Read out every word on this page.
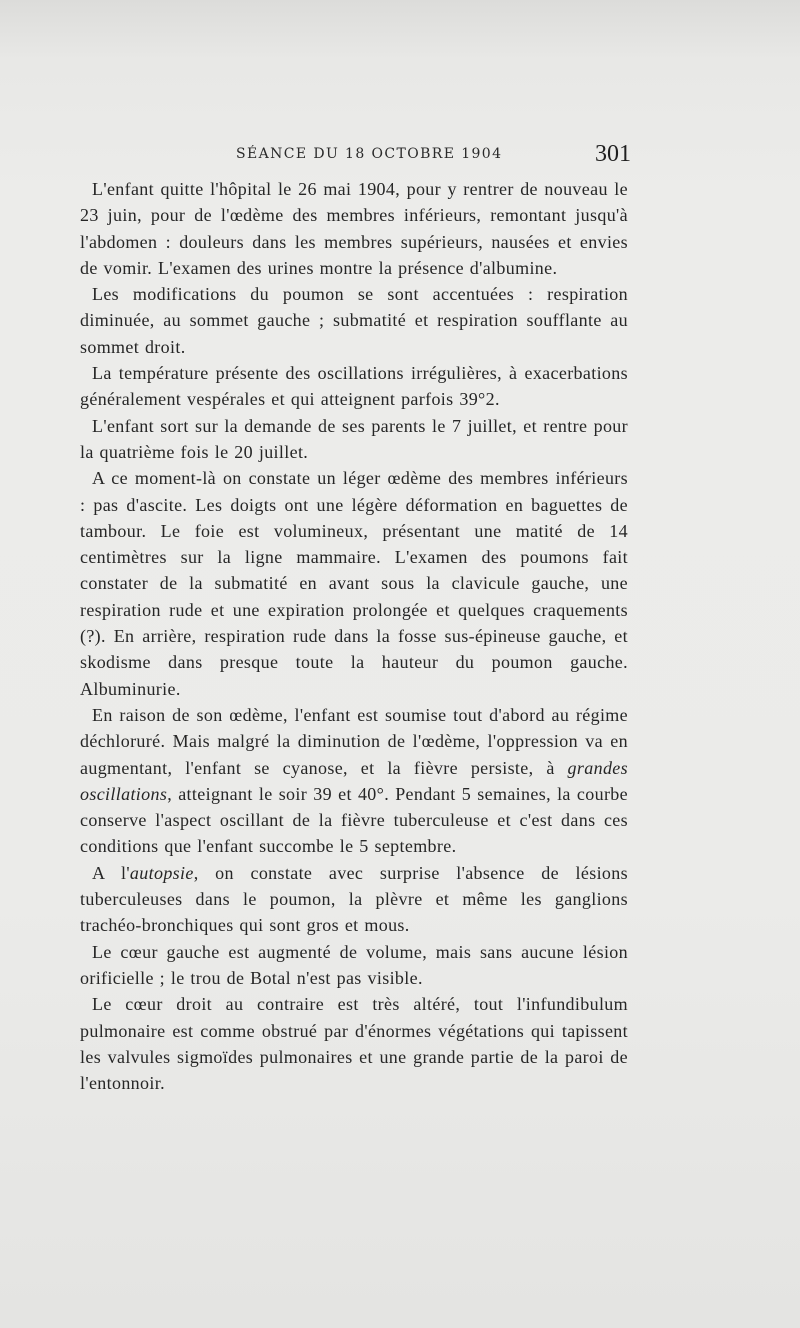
SÉANCE DU 18 OCTOBRE 1904	301

L'enfant quitte l'hôpital le 26 mai 1904, pour y rentrer de nouveau le 23 juin, pour de l'œdème des membres inférieurs, remontant jusqu'à l'abdomen : douleurs dans les membres supérieurs, nausées et envies de vomir. L'examen des urines montre la présence d'albumine.

Les modifications du poumon se sont accentuées : respiration diminuée, au sommet gauche ; submatité et respiration soufflante au sommet droit.

La température présente des oscillations irrégulières, à exacerbations généralement vespérales et qui atteignent parfois 39°2.

L'enfant sort sur la demande de ses parents le 7 juillet, et rentre pour la quatrième fois le 20 juillet.

A ce moment-là on constate un léger œdème des membres inférieurs : pas d'ascite. Les doigts ont une légère déformation en baguettes de tambour. Le foie est volumineux, présentant une matité de 14 centimètres sur la ligne mammaire. L'examen des poumons fait constater de la submatité en avant sous la clavicule gauche, une respiration rude et une expiration prolongée et quelques craquements (?). En arrière, respiration rude dans la fosse sus-épineuse gauche, et skodisme dans presque toute la hauteur du poumon gauche. Albuminurie.

En raison de son œdème, l'enfant est soumise tout d'abord au régime déchloruré. Mais malgré la diminution de l'œdème, l'oppression va en augmentant, l'enfant se cyanose, et la fièvre persiste, à grandes oscillations, atteignant le soir 39 et 40°. Pendant 5 semaines, la courbe conserve l'aspect oscillant de la fièvre tuberculeuse et c'est dans ces conditions que l'enfant succombe le 5 septembre.

A l'autopsie, on constate avec surprise l'absence de lésions tuberculeuses dans le poumon, la plèvre et même les ganglions trachéo-bronchiques qui sont gros et mous.

Le cœur gauche est augmenté de volume, mais sans aucune lésion orificielle ; le trou de Botal n'est pas visible.

Le cœur droit au contraire est très altéré, tout l'infundibulum pulmonaire est comme obstrué par d'énormes végétations qui tapissent les valvules sigmoïdes pulmonaires et une grande partie de la paroi de l'entonnoir.
